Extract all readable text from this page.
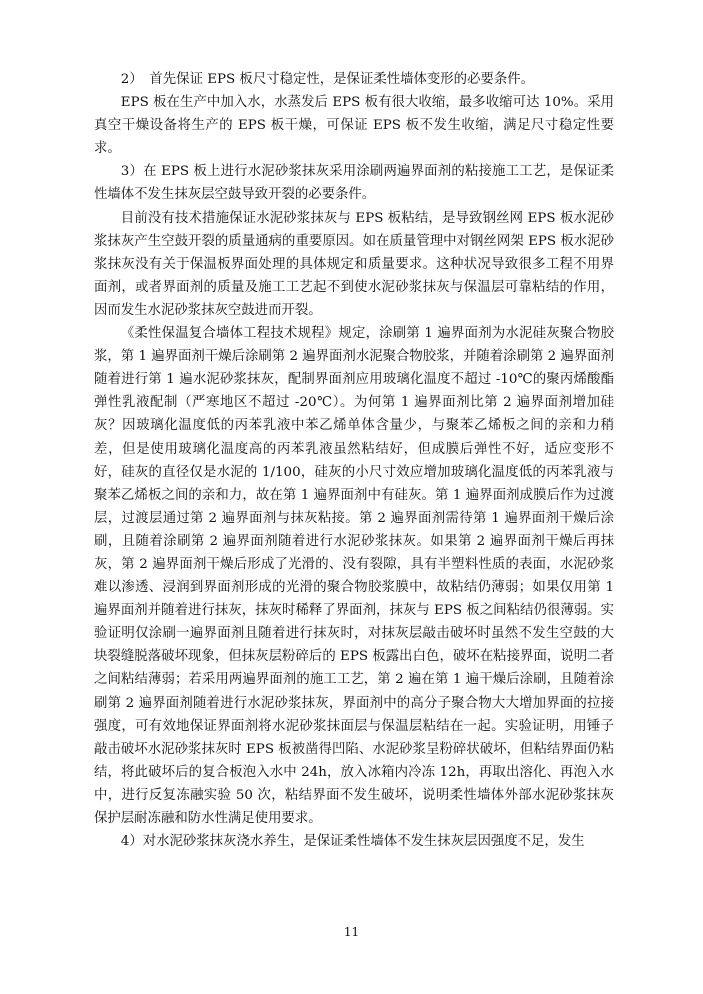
2）　首先保证 EPS 板尺寸稳定性，是保证柔性墙体变形的必要条件。

EPS 板在生产中加入水，水蒸发后 EPS 板有很大收缩，最多收缩可达 10%。采用真空干燥设备将生产的 EPS 板干燥，可保证 EPS 板不发生收缩，满足尺寸稳定性要求。

3）在 EPS 板上进行水泥砂浆抹灰采用涂刷两遍界面剂的粘接施工工艺，是保证柔性墙体不发生抹灰层空鼓导致开裂的必要条件。

目前没有技术措施保证水泥砂浆抹灰与 EPS 板粘结，是导致钢丝网 EPS 板水泥砂浆抹灰产生空鼓开裂的质量通病的重要原因。如在质量管理中对钢丝网架 EPS 板水泥砂浆抹灰没有关于保温板界面处理的具体规定和质量要求。这种状况导致很多工程不用界面剂，或者界面剂的质量及施工工艺起不到使水泥砂浆抹灰与保温层可靠粘结的作用，因而发生水泥砂浆抹灰空鼓进而开裂。

《柔性保温复合墙体工程技术规程》规定，涂刷第 1 遍界面剂为水泥硅灰聚合物胶浆，第 1 遍界面剂干燥后涂刷第 2 遍界面剂水泥聚合物胶浆，并随着涂刷第 2 遍界面剂随着进行第 1 遍水泥砂浆抹灰，配制界面剂应用玻璃化温度不超过 -10℃的聚丙烯酸酯弹性乳液配制（严寒地区不超过 -20℃）。为何第 1 遍界面剂比第 2 遍界面剂增加硅灰？因玻璃化温度低的丙苯乳液中苯乙烯单体含量少，与聚苯乙烯板之间的亲和力稍差，但是使用玻璃化温度高的丙苯乳液虽然粘结好，但成膜后弹性不好，适应变形不好，硅灰的直径仅是水泥的 1/100，硅灰的小尺寸效应增加玻璃化温度低的丙苯乳液与聚苯乙烯板之间的亲和力，故在第 1 遍界面剂中有硅灰。第 1 遍界面剂成膜后作为过渡层，过渡层通过第 2 遍界面剂与抹灰粘接。第 2 遍界面剂需待第 1 遍界面剂干燥后涂刷，且随着涂刷第 2 遍界面剂随着进行水泥砂浆抹灰。如果第 2 遍界面剂干燥后再抹灰，第 2 遍界面剂干燥后形成了光滑的、没有裂隙，具有半塑料性质的表面，水泥砂浆难以渗透、浸润到界面剂形成的光滑的聚合物胶浆膜中，故粘结仍薄弱；如果仅用第 1 遍界面剂并随着进行抹灰，抹灰时稀释了界面剂，抹灰与 EPS 板之间粘结仍很薄弱。实验证明仅涂刷一遍界面剂且随着进行抹灰时，对抹灰层敲击破坏时虽然不发生空鼓的大块裂缝脱落破坏现象，但抹灰层粉碎后的 EPS 板露出白色，破坏在粘接界面，说明二者之间粘结薄弱；若采用两遍界面剂的施工工艺，第 2 遍在第 1 遍干燥后涂刷，且随着涂刷第 2 遍界面剂随着进行水泥砂浆抹灰，界面剂中的高分子聚合物大大增加界面的拉接强度，可有效地保证界面剂将水泥砂浆抹面层与保温层粘结在一起。实验证明，用锤子敲击破坏水泥砂浆抹灰时 EPS 板被凿得凹陷、水泥砂浆呈粉碎状破坏，但粘结界面仍粘结，将此破坏后的复合板泡入水中 24h，放入冰箱内冷冻 12h，再取出溶化、再泡入水中，进行反复冻融实验 50 次，粘结界面不发生破坏，说明柔性墙体外部水泥砂浆抹灰保护层耐冻融和防水性满足使用要求。

4）对水泥砂浆抹灰浇水养生，是保证柔性墙体不发生抹灰层因强度不足，发生

11
